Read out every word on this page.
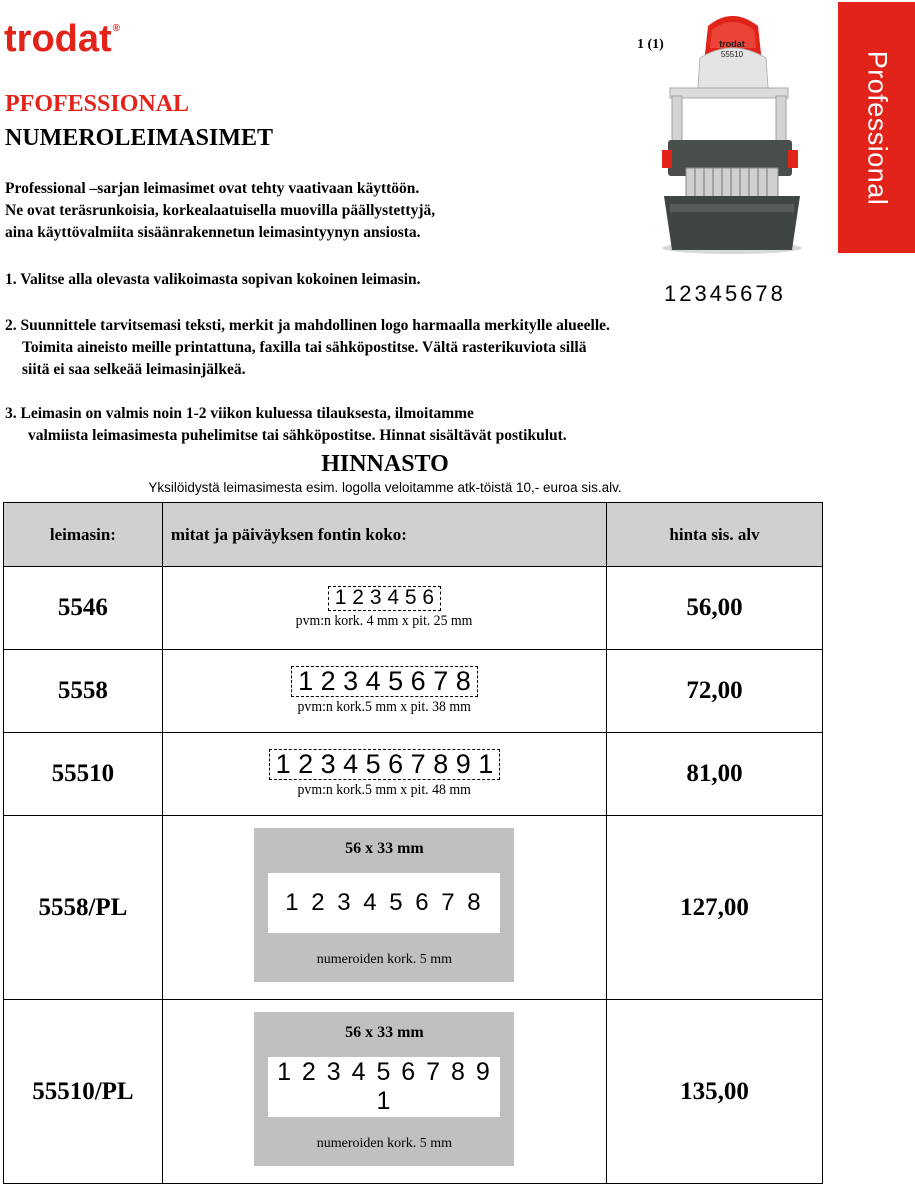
trodat®
1 (1)	trodat
55510	Professional
PFOFESSIONAL
NUMEROLEIMASIMET
Professional –sarjan leimasimet ovat tehty vaativaan käyttöön.
Ne ovat teräsrunkoisia, korkealaatuisella muovilla päällystettyjä,
aina käyttövalmiita sisäänrakennetun leimasintyynyn ansiosta.
1. Valitse alla olevasta valikoimasta sopivan kokoinen leimasin.
12345678
2. Suunnittele tarvitsemasi teksti, merkit ja mahdollinen logo harmaalla merkitylle alueelle.
Toimita aineisto meille printattuna, faxilla tai sähköpostitse. Vältä rasterikuviota sillä
siitä ei saa selkeää leimasinjälkeä.
3. Leimasin on valmis noin 1-2 viikon kuluessa tilauksesta, ilmoitamme
valmiista leimasimesta puhelimitse tai sähköpostitse. Hinnat sisältävät postikulut.
HINNASTO
Yksilöidystä leimasimesta esim. logolla veloitamme atk-töistä 10,- euroa sis.alv.
leimasin:	mitat ja päiväyksen fontin koko:	hinta sis. alv
5546	1 2 3 4 5 6
pvm:n kork. 4 mm x pit. 25 mm	56,00
5558	1 2 3 4 5 6 7 8
pvm:n kork.5 mm x pit. 38 mm	72,00
55510	1 2 3 4 5 6 7 8 9 1
pvm:n kork.5 mm x pit. 48 mm	81,00
5558/PL	56 x 33 mm
1 2 3 4 5 6 7 8
numeroiden kork. 5 mm	127,00
55510/PL	56 x 33 mm
1 2 3 4 5 6 7 8 9 1
numeroiden kork. 5 mm	135,00
